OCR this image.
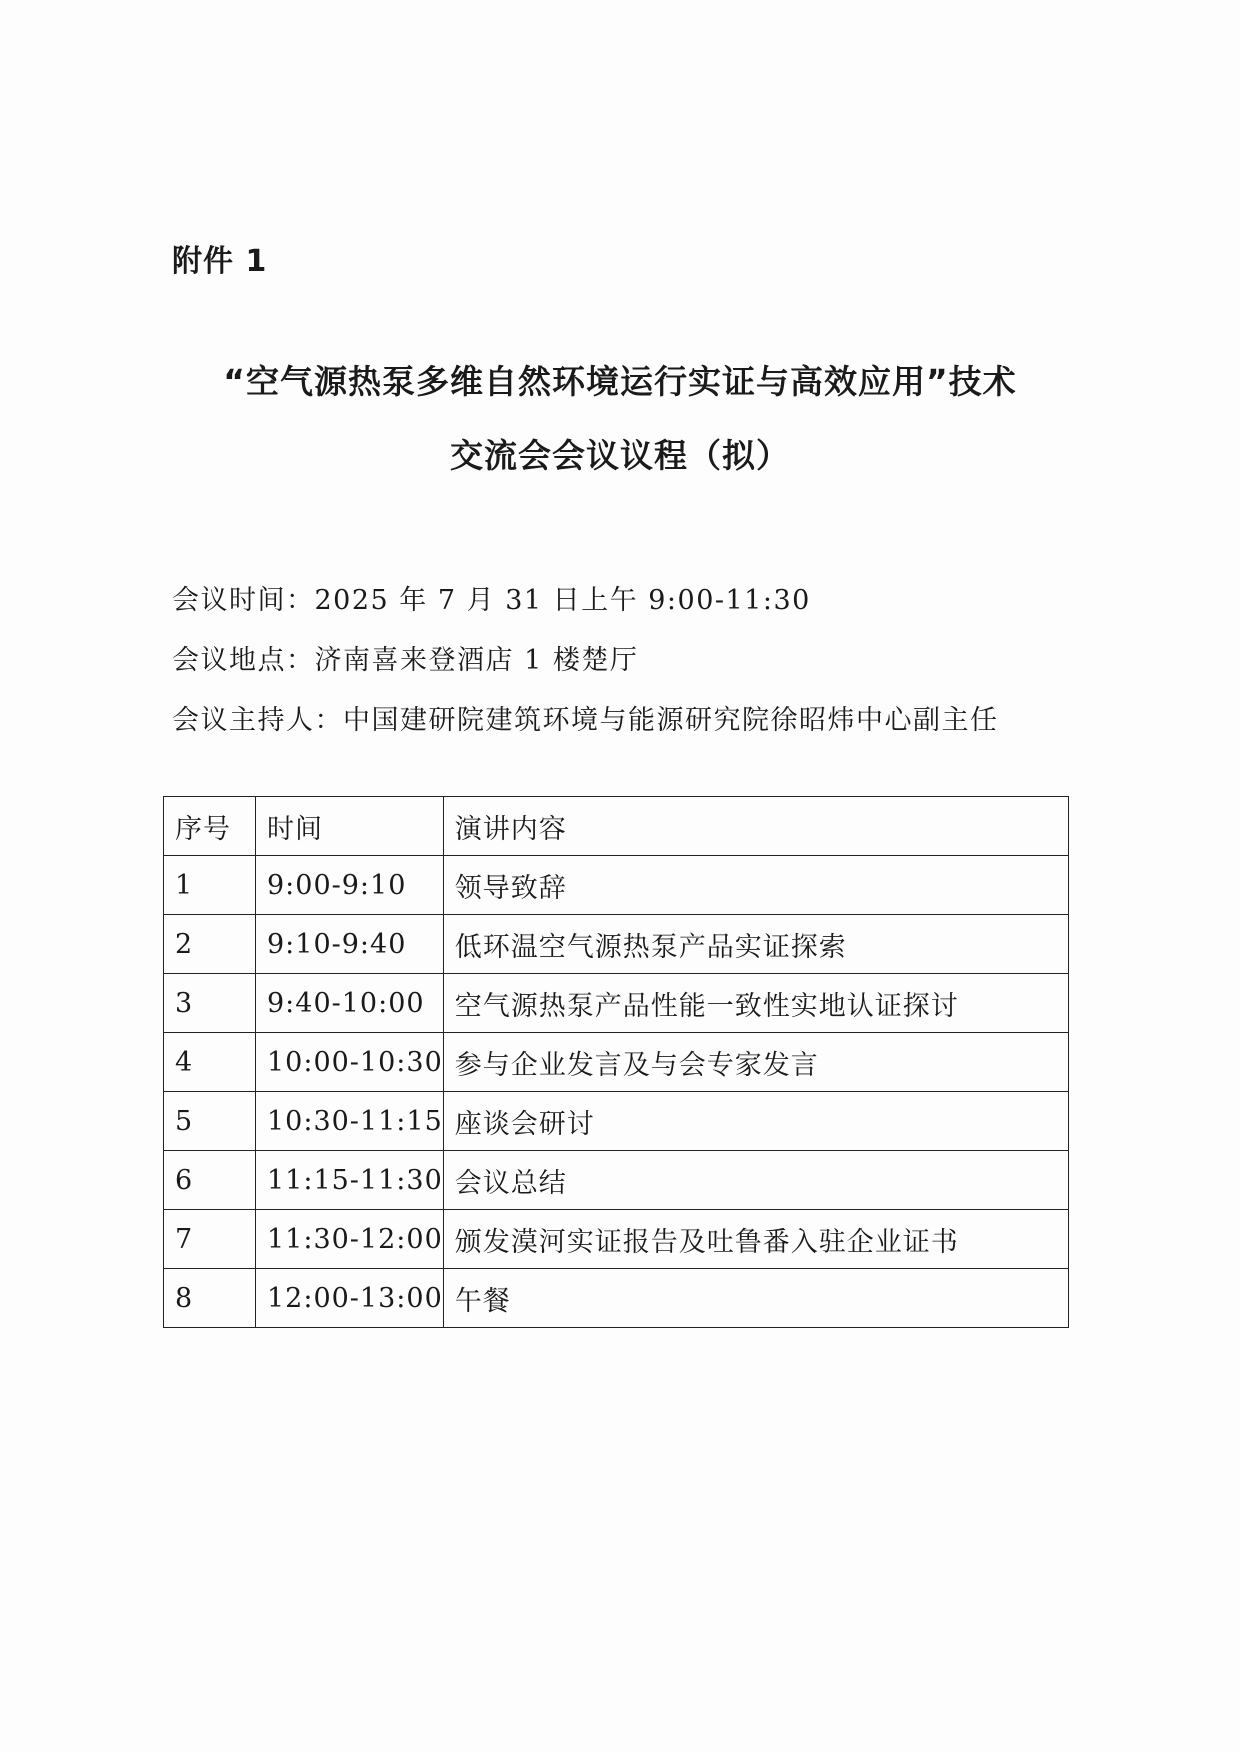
附件 1
“空气源热泵多维自然环境运行实证与高效应用”技术
交流会会议议程（拟）
会议时间：2025 年 7 月 31 日上午 9:00-11:30
会议地点：济南喜来登酒店 1 楼楚厅
会议主持人：中国建研院建筑环境与能源研究院徐昭炜中心副主任
序号	时间	演讲内容
1	9:00-9:10	领导致辞
2	9:10-9:40	低环温空气源热泵产品实证探索
3	9:40-10:00	空气源热泵产品性能一致性实地认证探讨
4	10:00-10:30	参与企业发言及与会专家发言
5	10:30-11:15	座谈会研讨
6	11:15-11:30	会议总结
7	11:30-12:00	颁发漠河实证报告及吐鲁番入驻企业证书
8	12:00-13:00	午餐
